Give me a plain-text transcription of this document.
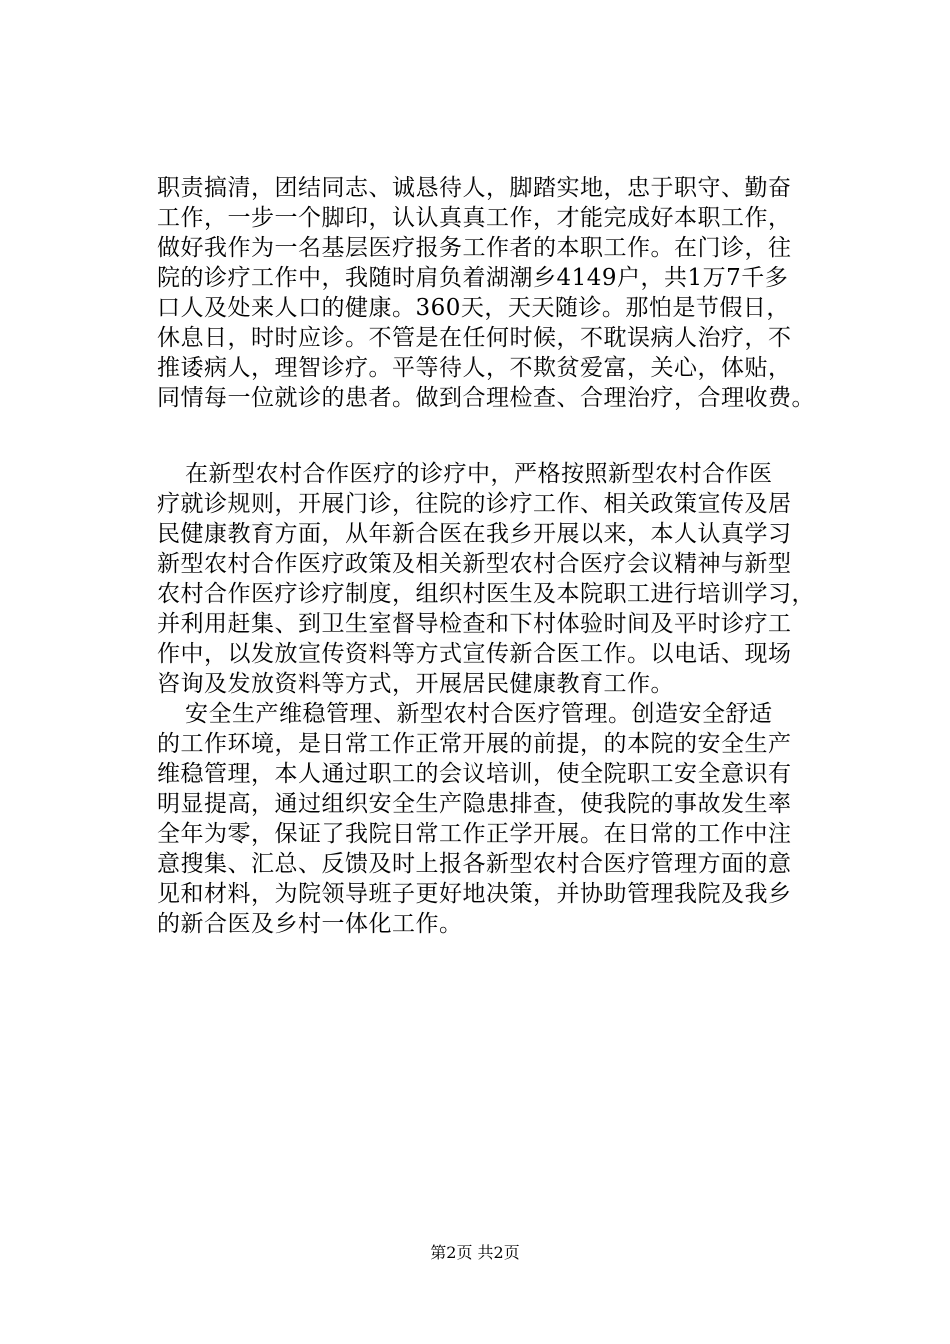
职责搞清，团结同志、诚恳待人，脚踏实地，忠于职守、勤奋
工作，一步一个脚印，认认真真工作，才能完成好本职工作，
做好我作为一名基层医疗报务工作者的本职工作。在门诊，往
院的诊疗工作中，我随时肩负着湖潮乡4149户，共1万7千多
口人及处来人口的健康。360天，天天随诊。那怕是节假日，
休息日，时时应诊。不管是在任何时候，不耽误病人治疗，不
推诿病人，理智诊疗。平等待人，不欺贫爱富，关心，体贴，
同情每一位就诊的患者。做到合理检查、合理治疗，合理收费。
在新型农村合作医疗的诊疗中，严格按照新型农村合作医
疗就诊规则，开展门诊，往院的诊疗工作、相关政策宣传及居
民健康教育方面，从年新合医在我乡开展以来，本人认真学习
新型农村合作医疗政策及相关新型农村合医疗会议精神与新型
农村合作医疗诊疗制度，组织村医生及本院职工进行培训学习，
并利用赶集、到卫生室督导检查和下村体验时间及平时诊疗工
作中，以发放宣传资料等方式宣传新合医工作。以电话、现场
咨询及发放资料等方式，开展居民健康教育工作。
安全生产维稳管理、新型农村合医疗管理。创造安全舒适
的工作环境，是日常工作正常开展的前提，的本院的安全生产
维稳管理，本人通过职工的会议培训，使全院职工安全意识有
明显提高，通过组织安全生产隐患排查，使我院的事故发生率
全年为零，保证了我院日常工作正学开展。在日常的工作中注
意搜集、汇总、反馈及时上报各新型农村合医疗管理方面的意
见和材料，为院领导班子更好地决策，并协助管理我院及我乡
的新合医及乡村一体化工作。
第2页 共2页
